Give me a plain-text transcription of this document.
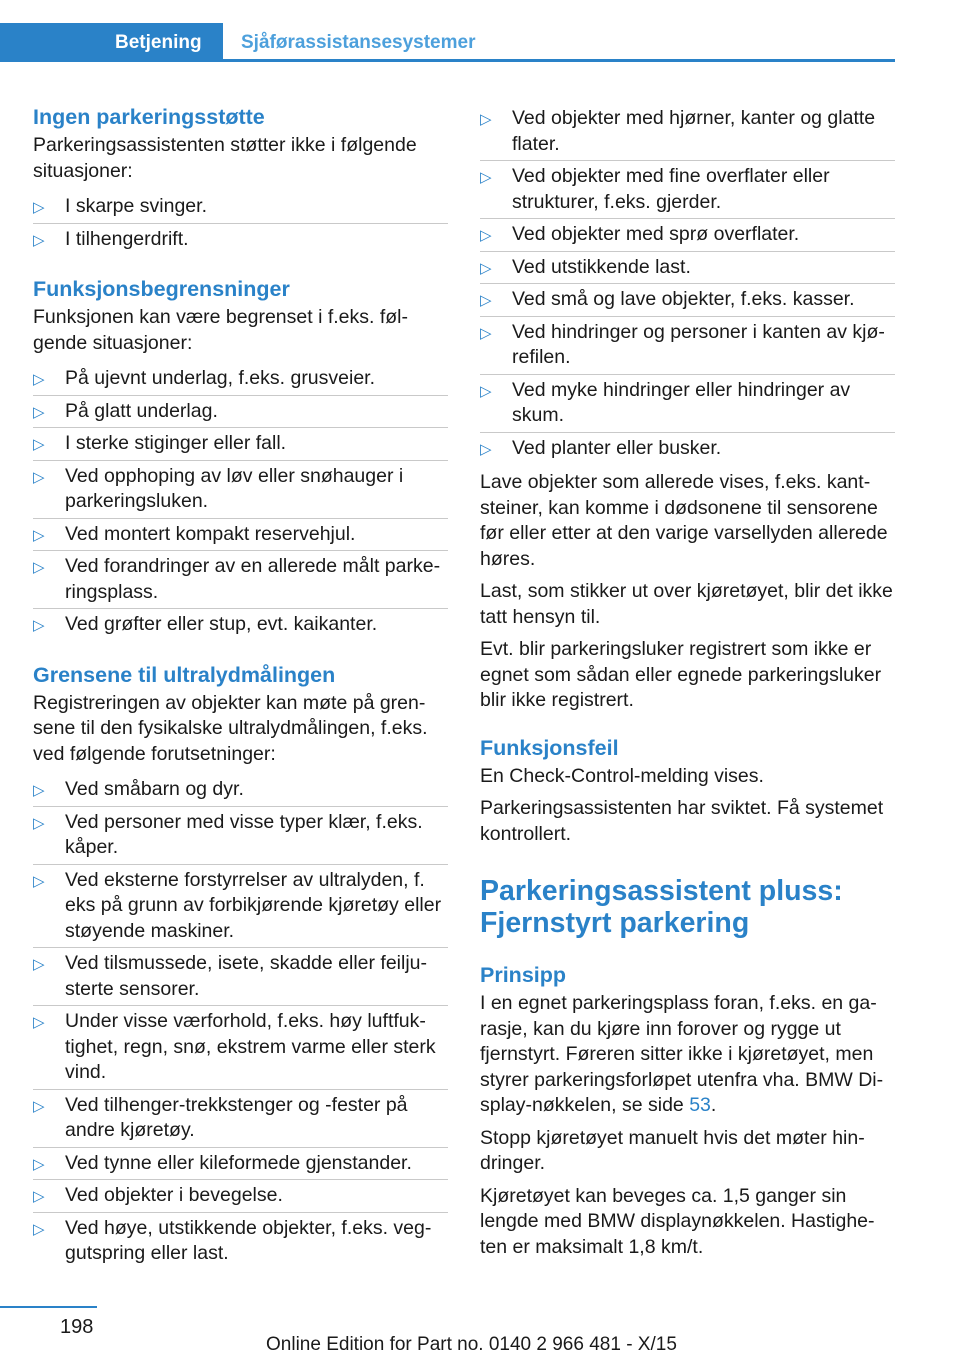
Betjening	Sjåførassistansesystemer
Ingen parkeringsstøtte

Parkeringsassistenten støtter ikke i følgende situasjoner:

▷ I skarpe svinger.
▷ I tilhengerdrift.
Funksjonsbegrensninger

Funksjonen kan være begrenset i f.eks. følgende situasjoner:

▷ På ujevnt underlag, f.eks. grusveier.
▷ På glatt underlag.
▷ I sterke stiginger eller fall.
▷ Ved opphoping av løv eller snøhauger i parkeringsluken.
▷ Ved montert kompakt reservehjul.
▷ Ved forandringer av en allerede målt parkeringsplass.
▷ Ved grøfter eller stup, evt. kaikanter.
Grensene til ultralydmålingen

Registreringen av objekter kan møte på grensene til den fysikalske ultralydmålingen, f.eks. ved følgende forutsetninger:

▷ Ved småbarn og dyr.
▷ Ved personer med visse typer klær, f.eks. kåper.
▷ Ved eksterne forstyrrelser av ultralyden, f. eks på grunn av forbikjørende kjøretøy eller støyende maskiner.
▷ Ved tilsmussede, isete, skadde eller feiljusterte sensorer.
▷ Under visse værforhold, f.eks. høy luftfuktighet, regn, snø, ekstrem varme eller sterk vind.
▷ Ved tilhenger-trekkstenger og -fester på andre kjøretøy.
▷ Ved tynne eller kileformede gjenstander.
▷ Ved objekter i bevegelse.
▷ Ved høye, utstikkende objekter, f.eks. veggutspring eller last.
▷ Ved objekter med hjørner, kanter og glatte flater.
▷ Ved objekter med fine overflater eller strukturer, f.eks. gjerder.
▷ Ved objekter med sprø overflater.
▷ Ved utstikkende last.
▷ Ved små og lave objekter, f.eks. kasser.
▷ Ved hindringer og personer i kanten av kjørefilen.
▷ Ved myke hindringer eller hindringer av skum.
▷ Ved planter eller busker.

Lave objekter som allerede vises, f.eks. kantsteiner, kan komme i dødsonene til sensorene før eller etter at den varige varsellyden allerede høres.

Last, som stikker ut over kjøretøyet, blir det ikke tatt hensyn til.

Evt. blir parkeringsluker registrert som ikke er egnet som sådan eller egnede parkeringsluker blir ikke registrert.

Funksjonsfeil

En Check-Control-melding vises.

Parkeringsassistenten har sviktet. Få systemet kontrollert.

Parkeringsassistent pluss: Fjernstyrt parkering
Prinsipp

I en egnet parkeringsplass foran, f.eks. en garasje, kan du kjøre inn forover og rygge ut fjernstyrt. Føreren sitter ikke i kjøretøyet, men styrer parkeringsforløpet utenfra vha. BMW Display-nøkkelen, se side 53.

Stopp kjøretøyet manuelt hvis det møter hindringer.

Kjøretøyet kan beveges ca. 1,5 ganger sin lengde med BMW displaynøkkelen. Hastigheten er maksimalt 1,8 km/t.

198
Online Edition for Part no. 0140 2 966 481 - X/15
